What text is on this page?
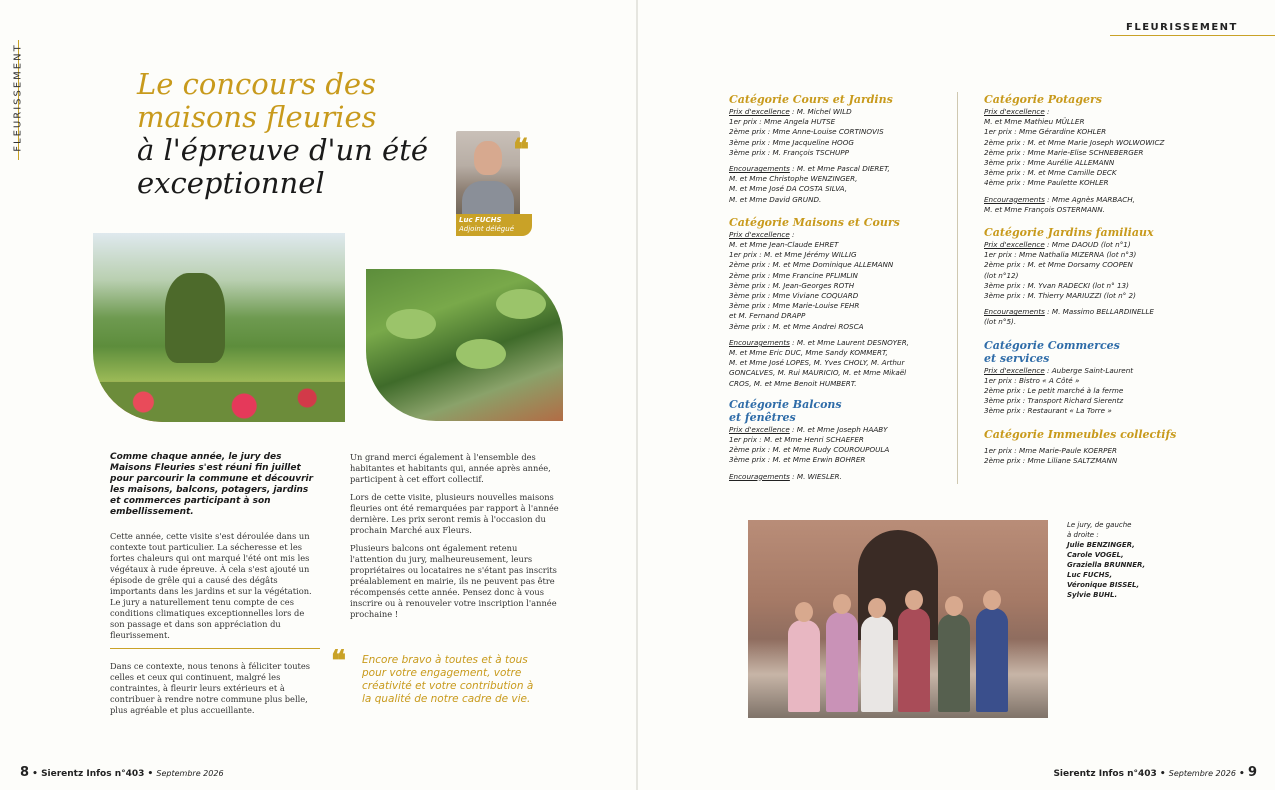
FLEURISSEMENT	Le concours des
maisons fleuries
à l'épreuve d'un été
exceptionnel
❝
Luc FUCHS
Adjoint délégué
Comme chaque année, le jury des Maisons Fleuries s'est réuni fin juillet pour parcourir la commune et découvrir les maisons, balcons, potagers, jardins et commerces participant à son embellissement.
Cette année, cette visite s'est déroulée dans un contexte tout particulier. La sécheresse et les fortes chaleurs qui ont marqué l'été ont mis les végétaux à rude épreuve. À cela s'est ajouté un épisode de grêle qui a causé des dégâts importants dans les jardins et sur la végétation. Le jury a naturellement tenu compte de ces conditions climatiques exceptionnelles lors de son passage et dans son appréciation du fleurissement.
Dans ce contexte, nous tenons à féliciter toutes celles et ceux qui continuent, malgré les contraintes, à fleurir leurs extérieurs et à contribuer à rendre notre commune plus belle, plus agréable et plus accueillante.

Un grand merci également à l'ensemble des habitantes et habitants qui, année après année, participent à cet effort collectif.

Lors de cette visite, plusieurs nouvelles maisons fleuries ont été remarquées par rapport à l'année dernière. Les prix seront remis à l'occasion du prochain Marché aux Fleurs.

Plusieurs balcons ont également retenu l'attention du jury, malheureusement, leurs propriétaires ou locataires ne s'étant pas inscrits préalablement en mairie, ils ne peuvent pas être récompensés cette année. Pensez donc à vous inscrire ou à renouveler votre inscription l'année prochaine !

❝ Encore bravo à toutes et à tous pour votre engagement, votre créativité et votre contribution à la qualité de notre cadre de vie.
8 • Sierentz Infos n°403 • Septembre 2026
FLEURISSEMENT
Catégorie Cours et Jardins
Prix d'excellence : M. Michel WILD
1er prix : Mme Angela HUTSE
2ème prix : Mme Anne-Louise CORTINOVIS
3ème prix : Mme Jacqueline HOOG
3ème prix : M. François TSCHUPP
Encouragements : M. et Mme Pascal DIERET,
M. et Mme Christophe WENZINGER,
M. et Mme José DA COSTA SILVA,
M. et Mme David GRUND.
Catégorie Maisons et Cours
Prix d'excellence :
M. et Mme Jean-Claude EHRET
1er prix : M. et Mme Jérémy WILLIG
2ème prix : M. et Mme Dominique ALLEMANN
2ème prix : Mme Francine PFLIMLIN
3ème prix : M. Jean-Georges ROTH
3ème prix : Mme Viviane COQUARD
3ème prix : Mme Marie-Louise FEHR
et M. Fernand DRAPP
3ème prix : M. et Mme Andrei ROSCA
Encouragements : M. et Mme Laurent DESNOYER,
M. et Mme Eric DUC, Mme Sandy KOMMERT,
M. et Mme José LOPES, M. Yves CHOLY, M. Arthur
GONCALVES, M. Rui MAURICIO, M. et Mme Mikaël
CROS, M. et Mme Benoit HUMBERT.
Catégorie Balcons
et fenêtres
Prix d'excellence : M. et Mme Joseph HAABY
1er prix : M. et Mme Henri SCHAEFER
2ème prix : M. et Mme Rudy COUROUPOULA
3ème prix : M. et Mme Erwin BOHRER
Encouragements : M. WIESLER.
Catégorie Potagers
Prix d'excellence :
M. et Mme Mathieu MÜLLER
1er prix : Mme Gérardine KOHLER
2ème prix : M. et Mme Marie Joseph WOLWOWICZ
2ème prix : Mme Marie-Elise SCHNEBERGER
3ème prix : Mme Aurélie ALLEMANN
3ème prix : M. et Mme Camille DECK
4ème prix : Mme Paulette KOHLER
Encouragements : Mme Agnès MARBACH,
M. et Mme François OSTERMANN.
Catégorie Jardins familiaux
Prix d'excellence : Mme DAOUD (lot n°1)
1er prix : Mme Nathalia MIZERNA (lot n°3)
2ème prix : M. et Mme Dorsamy COOPEN
(lot n°12)
3ème prix : M. Yvan RADECKI (lot n° 13)
3ème prix : M. Thierry MARIUZZI (lot n° 2)
Encouragements : M. Massimo BELLARDINELLE
(lot n°5).
Catégorie Commerces
et services
Prix d'excellence : Auberge Saint-Laurent
1er prix : Bistro « A Côté »
2ème prix : Le petit marché à la ferme
3ème prix : Transport Richard Sierentz
3ème prix : Restaurant « La Torre »
Catégorie Immeubles collectifs
1er prix : Mme Marie-Paule KOERPER
2ème prix : Mme Liliane SALTZMANN
Le jury, de gauche
à droite :
Julie BENZINGER,
Carole VOGEL,
Graziella BRUNNER,
Luc FUCHS,
Véronique BISSEL,
Sylvie BUHL.
Sierentz Infos n°403 • Septembre 2026 • 9
